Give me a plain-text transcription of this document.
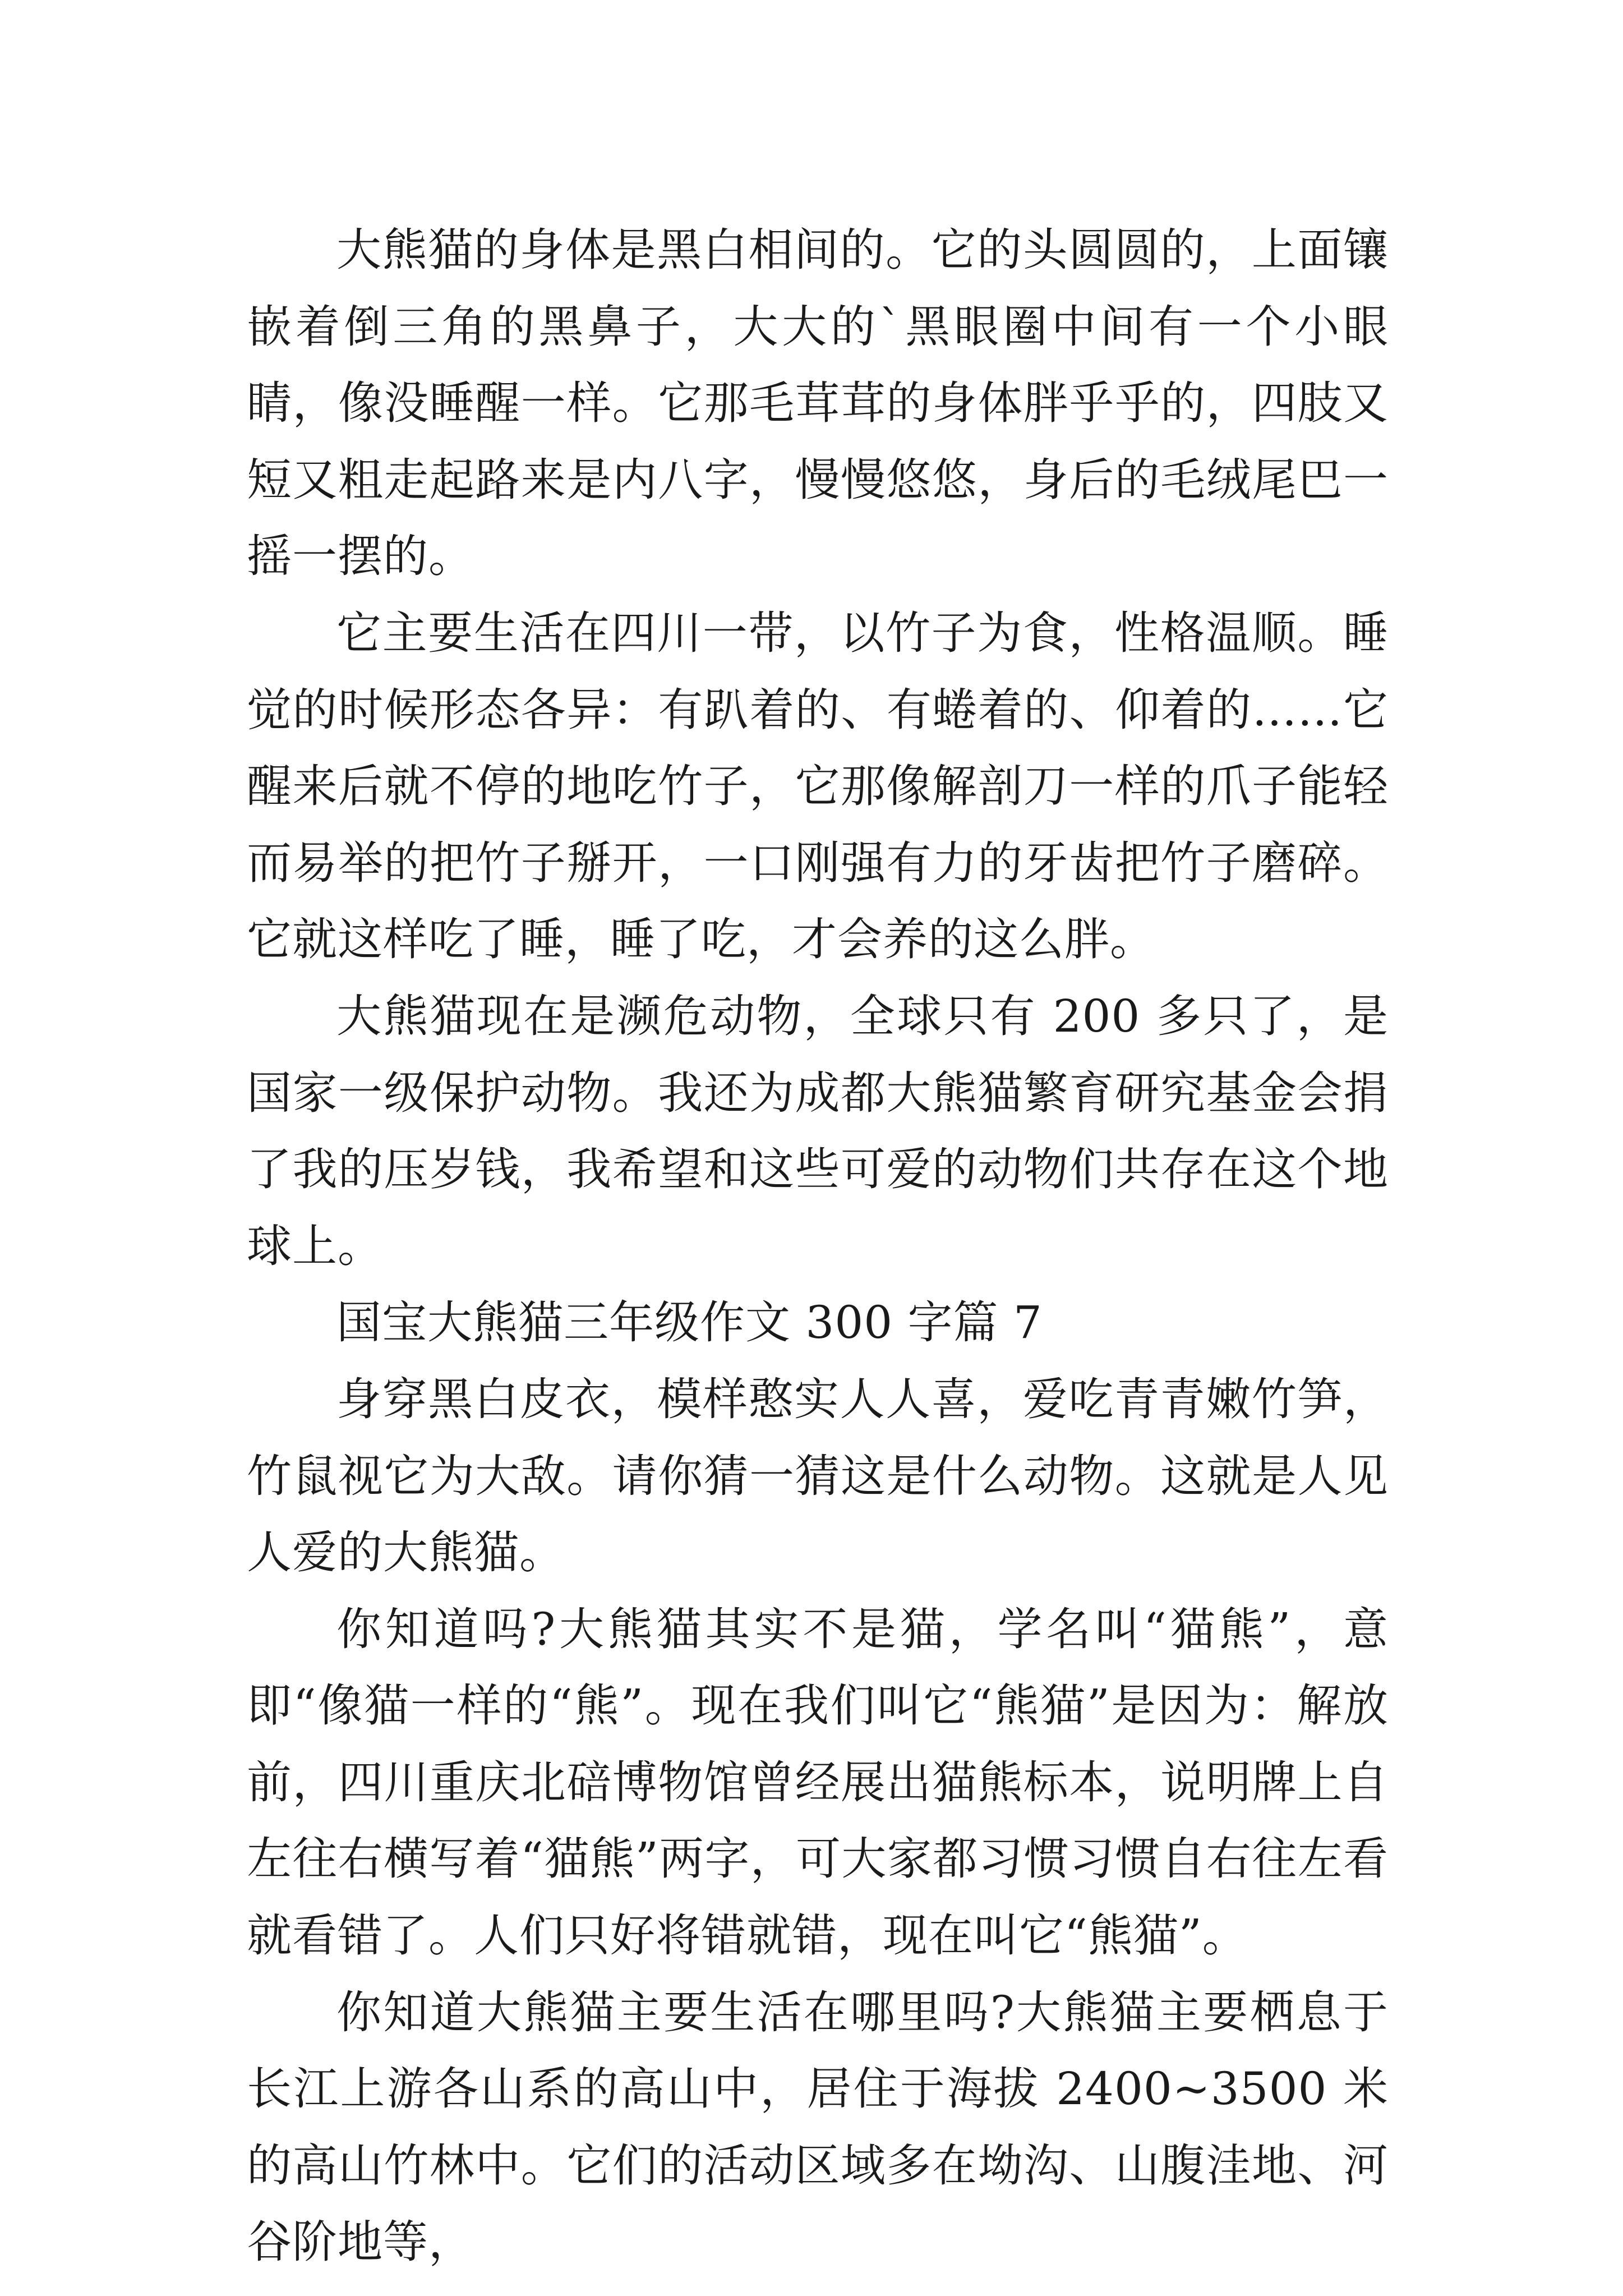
大熊猫的身体是黑白相间的。它的头圆圆的，上面镶嵌着倒三角的黑鼻子，大大的`黑眼圈中间有一个小眼睛，像没睡醒一样。它那毛茸茸的身体胖乎乎的，四肢又短又粗走起路来是内八字，慢慢悠悠，身后的毛绒尾巴一摇一摆的。

它主要生活在四川一带，以竹子为食，性格温顺。睡觉的时候形态各异：有趴着的、有蜷着的、仰着的……它醒来后就不停的地吃竹子，它那像解剖刀一样的爪子能轻而易举的把竹子掰开，一口刚强有力的牙齿把竹子磨碎。它就这样吃了睡，睡了吃，才会养的这么胖。

大熊猫现在是濒危动物，全球只有 200 多只了，是国家一级保护动物。我还为成都大熊猫繁育研究基金会捐了我的压岁钱，我希望和这些可爱的动物们共存在这个地球上。

国宝大熊猫三年级作文 300 字篇 7

身穿黑白皮衣，模样憨实人人喜，爱吃青青嫩竹笋，竹鼠视它为大敌。请你猜一猜这是什么动物。这就是人见人爱的大熊猫。

你知道吗?大熊猫其实不是猫，学名叫“猫熊”，意即“像猫一样的“熊”。现在我们叫它“熊猫”是因为：解放前，四川重庆北碚博物馆曾经展出猫熊标本，说明牌上自左往右横写着“猫熊”两字，可大家都习惯习惯自右往左看就看错了。人们只好将错就错，现在叫它“熊猫”。

你知道大熊猫主要生活在哪里吗?大熊猫主要栖息于长江上游各山系的高山中，居住于海拔 2400~3500 米的高山竹林中。它们的活动区域多在坳沟、山腹洼地、河谷阶地等，
